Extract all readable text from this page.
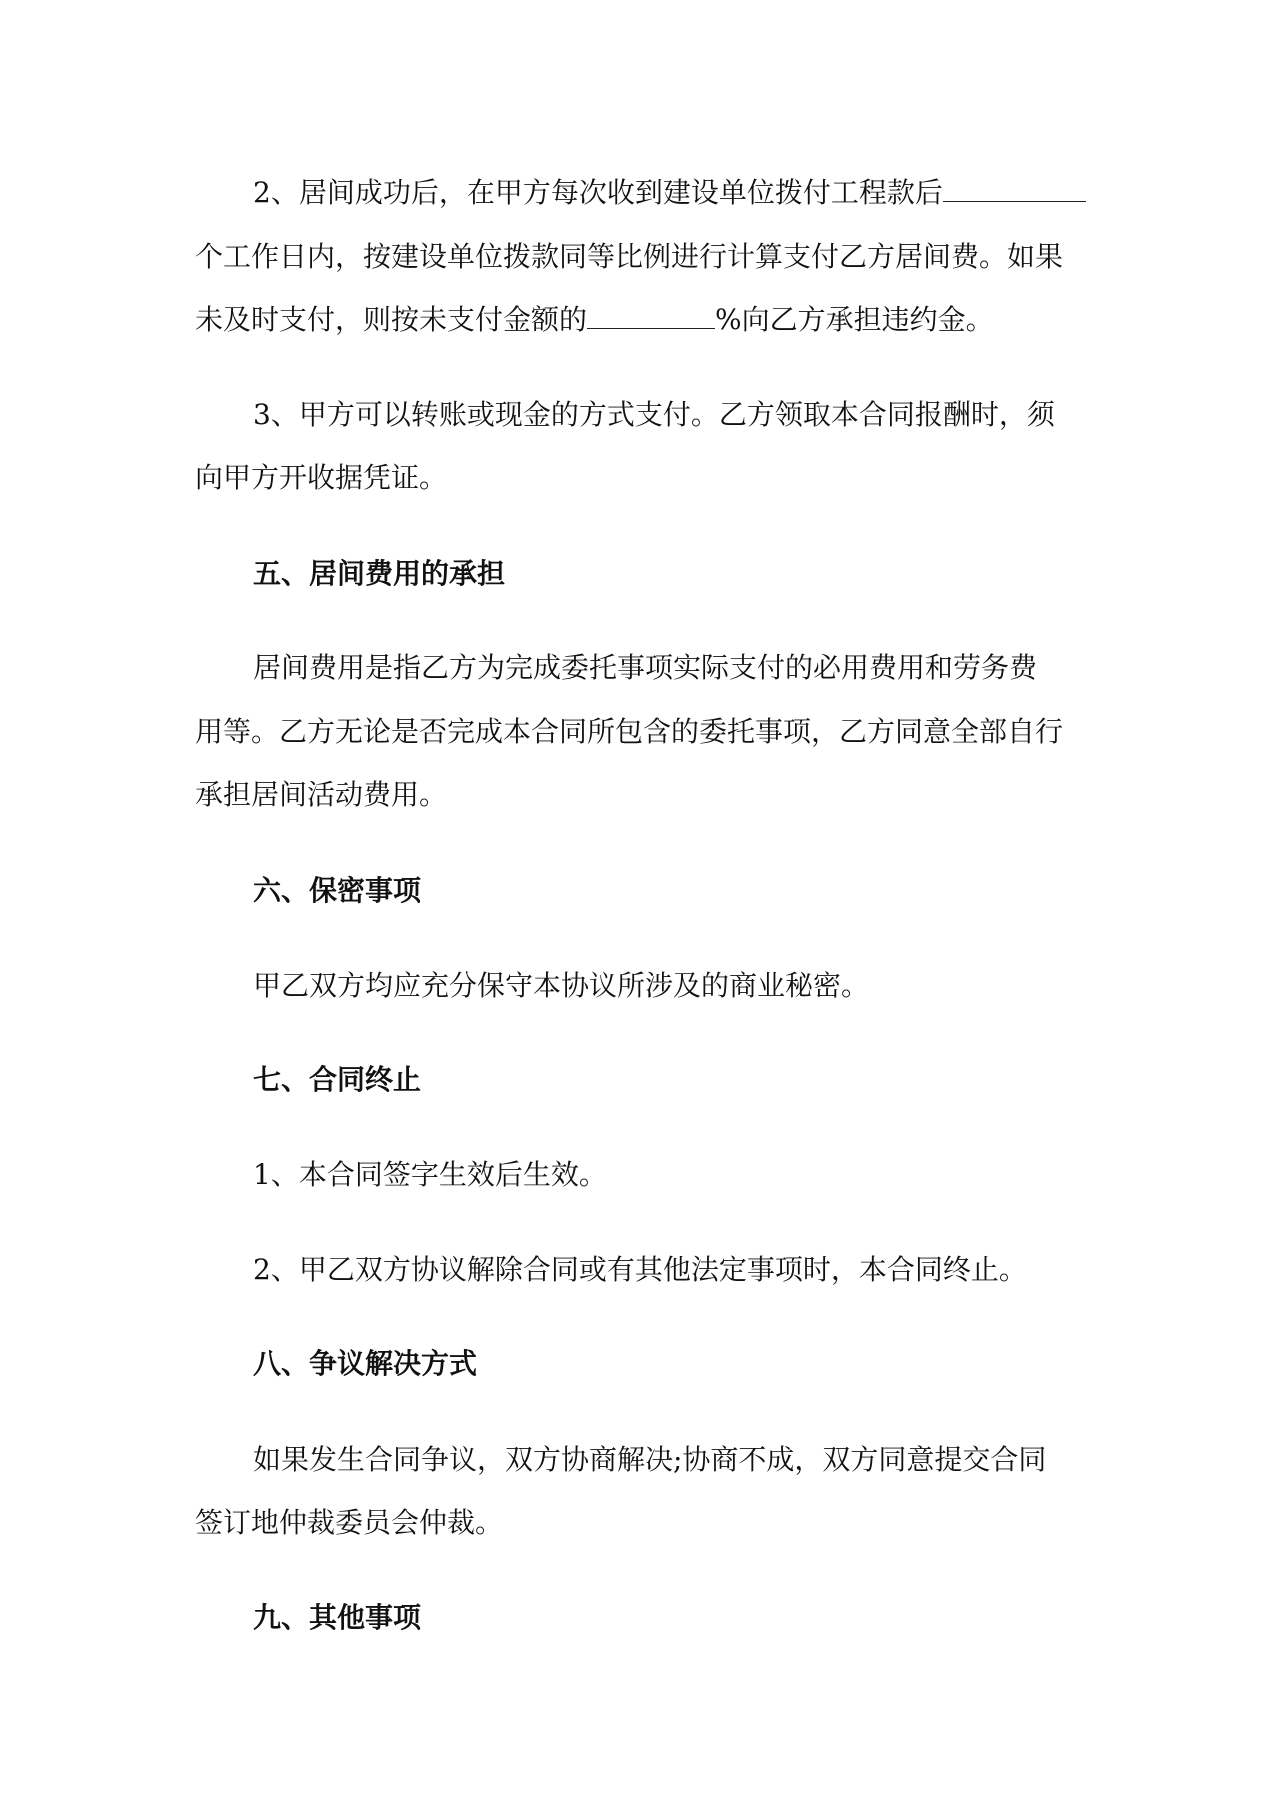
2、居间成功后，在甲方每次收到建设单位拨付工程款后
个工作日内，按建设单位拨款同等比例进行计算支付乙方居间费。如果
未及时支付，则按未支付金额的	%向乙方承担违约金。
3、甲方可以转账或现金的方式支付。乙方领取本合同报酬时，须
向甲方开收据凭证。
五、居间费用的承担
居间费用是指乙方为完成委托事项实际支付的必用费用和劳务费
用等。乙方无论是否完成本合同所包含的委托事项，乙方同意全部自行
承担居间活动费用。
六、保密事项
甲乙双方均应充分保守本协议所涉及的商业秘密。
七、合同终止
1、本合同签字生效后生效。
2、甲乙双方协议解除合同或有其他法定事项时，本合同终止。
八、争议解决方式
如果发生合同争议，双方协商解决;协商不成，双方同意提交合同
签订地仲裁委员会仲裁。
九、其他事项
